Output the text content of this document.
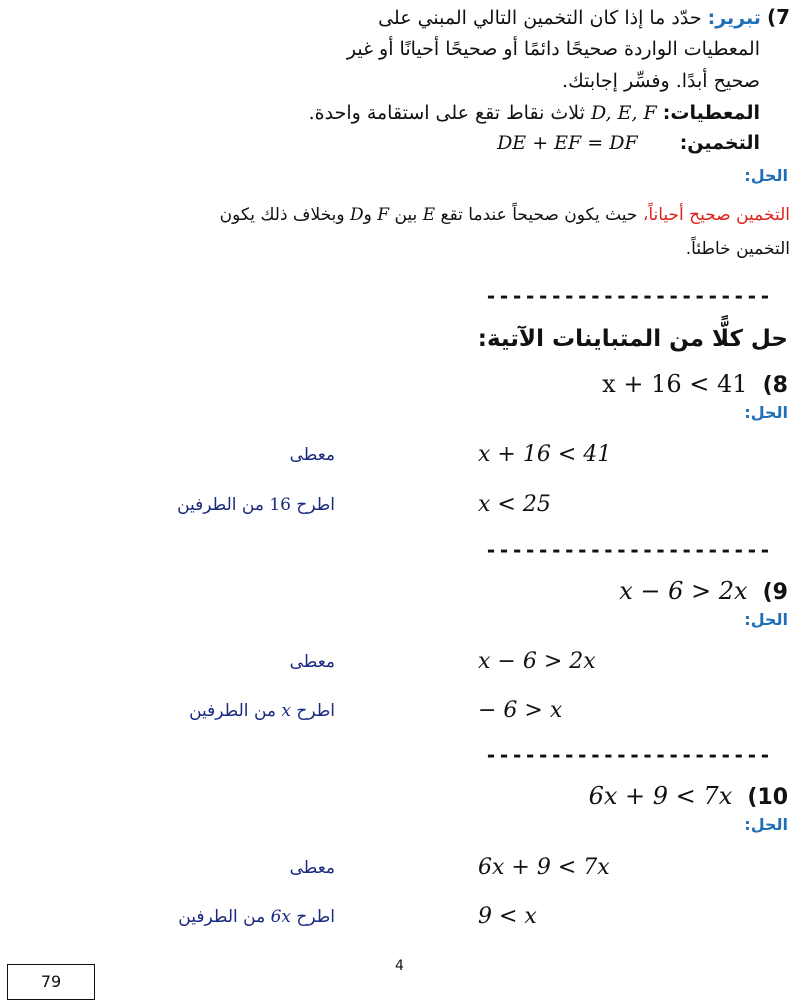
7) تبرير: حدّد ما إذا كان التخمين التالي المبني على
المعطيات الواردة صحيحًا دائمًا أو صحيحًا أحيانًا أو غير
صحيح أبدًا. وفسِّر إجابتك.
المعطيات: D, E, F ثلاث نقاط تقع على استقامة واحدة.
التخمين: DE + EF = DF
الحل:
التخمين صحيح أحياناً، حيث يكون صحيحاً عندما تقع E بين F وD وبخلاف ذلك يكون
التخمين خاطئاً.
----------------------
حل كلًّا من المتباينات الآتية:
x + 16 < 41 (8
الحل:
x + 16 < 41
معطى
x < 25
اطرح 16 من الطرفين
----------------------
x − 6 > 2x (9
الحل:
x − 6 > 2x
معطى
− 6 > x
اطرح x من الطرفين
----------------------
6x + 9 < 7x (10
الحل:
6x + 9 < 7x
معطى
9 < x
اطرح 6x من الطرفين
4
79
